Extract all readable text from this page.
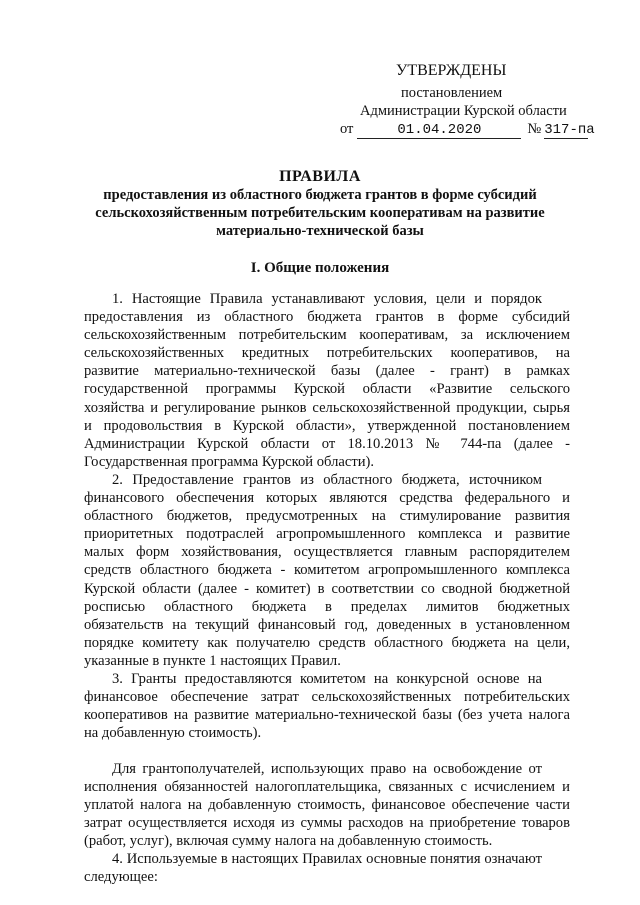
УТВЕРЖДЕНЫ
постановлением
Администрации Курской области
от	01.04.2020	№ 317-па
ПРАВИЛА
предоставления из областного бюджета грантов в форме субсидий
сельскохозяйственным потребительским кооперативам на развитие
материально-технической базы
I. Общие положения
1. Настоящие Правила устанавливают условия, цели и порядок
предоставления из областного бюджета грантов в форме субсидий
сельскохозяйственным потребительским кооперативам, за исключением
сельскохозяйственных кредитных потребительских кооперативов, на
развитие материально-технической базы (далее - грант) в рамках
государственной программы Курской области «Развитие сельского
хозяйства и регулирование рынков сельскохозяйственной продукции, сырья
и продовольствия в Курской области», утвержденной постановлением
Администрации Курской области от 18.10.2013 № 744-па (далее -
Государственная программа Курской области).
2. Предоставление грантов из областного бюджета, источником
финансового обеспечения которых являются средства федерального и
областного бюджетов, предусмотренных на стимулирование развития
приоритетных подотраслей агропромышленного комплекса и развитие
малых форм хозяйствования, осуществляется главным распорядителем
средств областного бюджета - комитетом агропромышленного комплекса
Курской области (далее - комитет) в соответствии со сводной бюджетной
росписью областного бюджета в пределах лимитов бюджетных
обязательств на текущий финансовый год, доведенных в установленном
порядке комитету как получателю средств областного бюджета на цели,
указанные в пункте 1 настоящих Правил.
3. Гранты предоставляются комитетом на конкурсной основе на
финансовое обеспечение затрат сельскохозяйственных потребительских
кооперативов на развитие материально-технической базы (без учета налога
на добавленную стоимость).
Для грантополучателей, использующих право на освобождение от
исполнения обязанностей налогоплательщика, связанных с исчислением и
уплатой налога на добавленную стоимость, финансовое обеспечение части
затрат осуществляется исходя из суммы расходов на приобретение товаров
(работ, услуг), включая сумму налога на добавленную стоимость.
4. Используемые в настоящих Правилах основные понятия означают
следующее:
